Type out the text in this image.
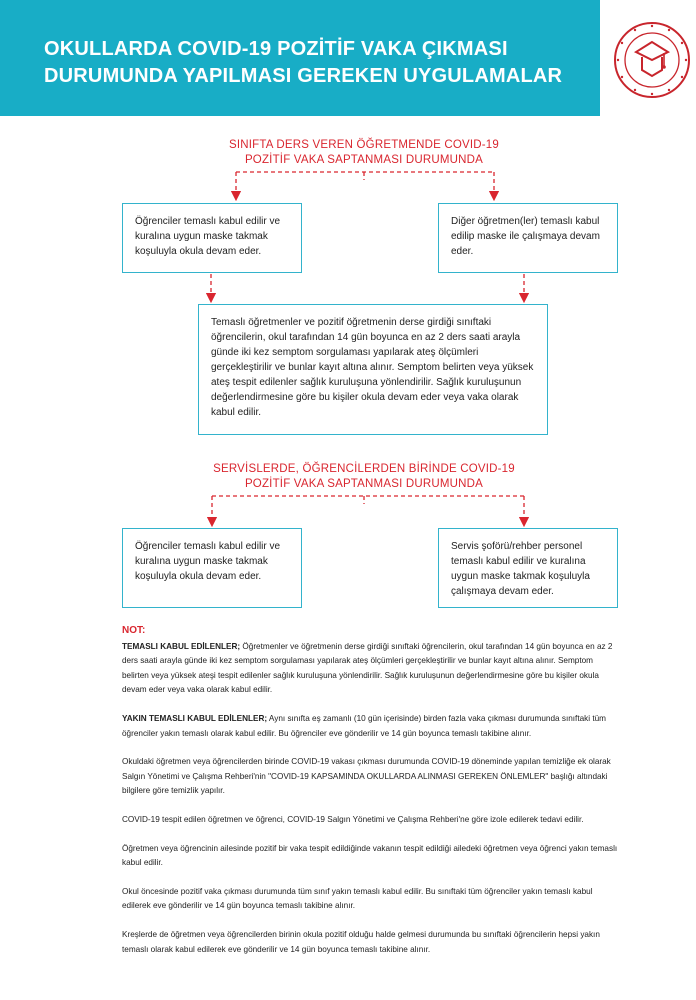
OKULLARDA COVID-19 POZİTİF VAKA ÇIKMASI
DURUMUNDA YAPILMASI GEREKEN UYGULAMALAR
SINIFTA DERS VEREN ÖĞRETMENDE COVID-19
POZİTİF VAKA SAPTANMASI DURUMUNDA
Öğrenciler temaslı kabul edilir ve kuralına uygun maske takmak koşuluyla okula devam eder.
Diğer öğretmen(ler) temaslı kabul edilip maske ile çalışmaya devam eder.
Temaslı öğretmenler ve pozitif öğretmenin derse girdiği sınıftaki öğrencilerin, okul tarafından 14 gün boyunca en az 2 ders saati arayla günde iki kez semptom sorgulaması yapılarak ateş ölçümleri gerçekleştirilir ve bunlar kayıt altına alınır. Semptom belirten veya yüksek ateş tespit edilenler sağlık kuruluşuna yönlendirilir. Sağlık kuruluşunun değerlendirmesine göre bu kişiler okula devam eder veya vaka olarak kabul edilir.
SERVİSLERDE, ÖĞRENCİLERDEN BİRİNDE COVID-19
POZİTİF VAKA SAPTANMASI DURUMUNDA
Öğrenciler temaslı kabul edilir ve kuralına uygun maske takmak koşuluyla okula devam eder.
Servis şoförü/rehber personel temaslı kabul edilir ve kuralına uygun maske takmak koşuluyla çalışmaya devam eder.
NOT:

TEMASLI KABUL EDİLENLER; Öğretmenler ve öğretmenin derse girdiği sınıftaki öğrencilerin, okul tarafından 14 gün boyunca en az 2 ders saati arayla günde iki kez semptom sorgulaması yapılarak ateş ölçümleri gerçekleştirilir ve bunlar kayıt altına alınır. Semptom belirten veya yüksek ateşi tespit edilenler sağlık kuruluşuna yönlendirilir. Sağlık kuruluşunun değerlendirmesine göre bu kişiler okula devam eder veya vaka olarak kabul edilir.

YAKIN TEMASLI KABUL EDİLENLER; Aynı sınıfta eş zamanlı (10 gün içerisinde) birden fazla vaka çıkması durumunda sınıftaki tüm öğrenciler yakın temaslı olarak kabul edilir. Bu öğrenciler eve gönderilir ve 14 gün boyunca temaslı takibine alınır.

Okuldaki öğretmen veya öğrencilerden birinde COVID-19 vakası çıkması durumunda COVID-19 döneminde yapılan temizliğe ek olarak Salgın Yönetimi ve Çalışma Rehberi'nin "COVID-19 KAPSAMINDA OKULLARDA ALINMASI GEREKEN ÖNLEMLER" başlığı altındaki bilgilere göre temizlik yapılır.

COVID-19 tespit edilen öğretmen ve öğrenci, COVID-19 Salgın Yönetimi ve Çalışma Rehberi'ne göre izole edilerek tedavi edilir.

Öğretmen veya öğrencinin ailesinde pozitif bir vaka tespit edildiğinde vakanın tespit edildiği ailedeki öğretmen veya öğrenci yakın temaslı kabul edilir.

Okul öncesinde pozitif vaka çıkması durumunda tüm sınıf yakın temaslı kabul edilir. Bu sınıftaki tüm öğrenciler yakın temaslı kabul edilerek eve gönderilir ve 14 gün boyunca temaslı takibine alınır.

Kreşlerde de öğretmen veya öğrencilerden birinin okula pozitif olduğu halde gelmesi durumunda bu sınıftaki öğrencilerin hepsi yakın temaslı olarak kabul edilerek eve gönderilir ve 14 gün boyunca temaslı takibine alınır.
